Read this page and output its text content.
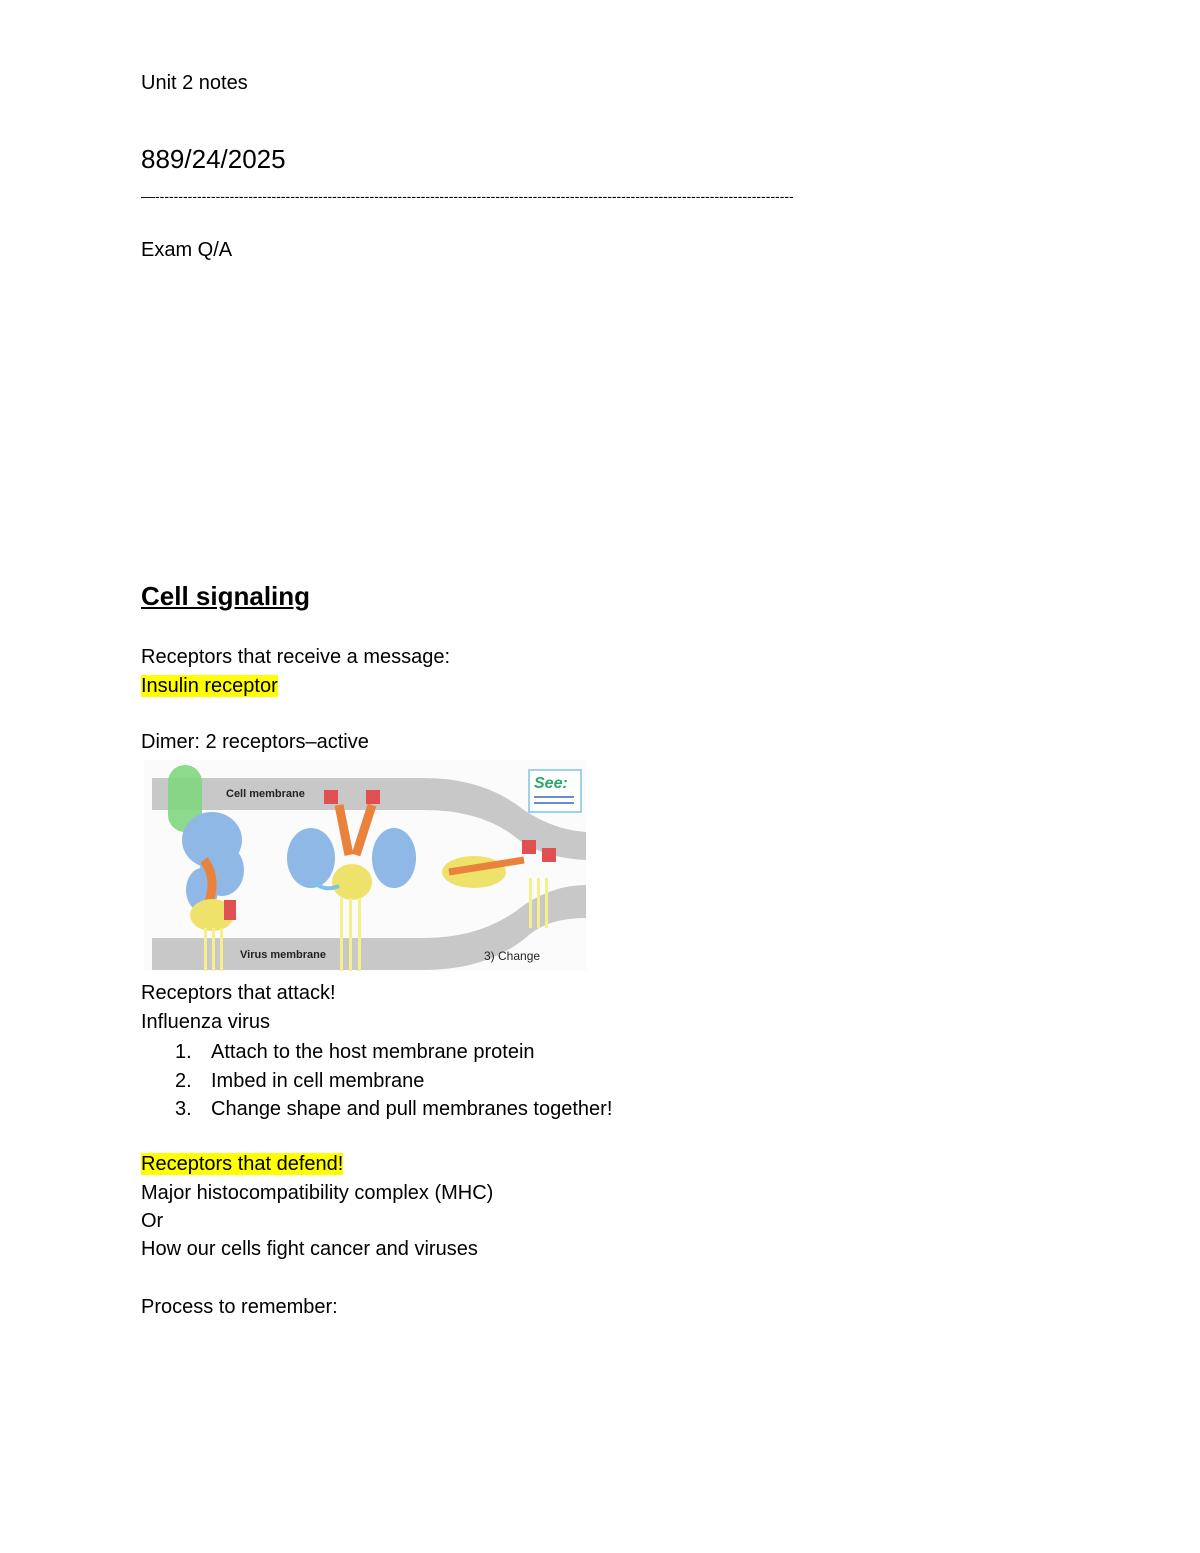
Unit 2 notes
889/24/2025
—-----------------------------------------------------------------------------------------------------------------------------------------
Exam Q/A
Cell signaling
Receptors that receive a message:
Insulin receptor
Dimer: 2 receptors–active
See:
Cell membrane
Virus membrane	3) Change
Receptors that attack!
Influenza virus
1. Attach to the host membrane protein
2. Imbed in cell membrane
3. Change shape and pull membranes together!
Receptors that defend!
Major histocompatibility complex (MHC)
Or
How our cells fight cancer and viruses
Process to remember:
